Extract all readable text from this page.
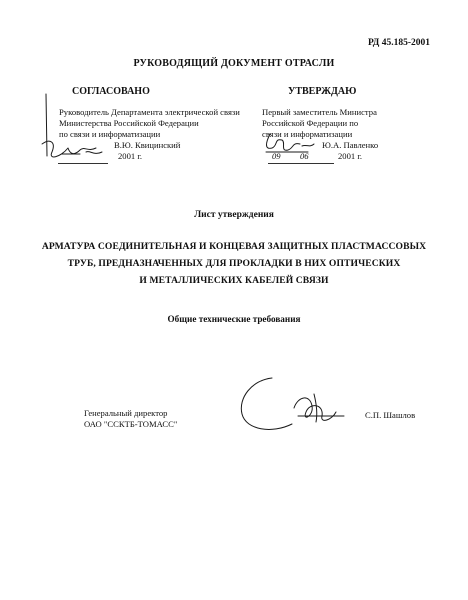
РД 45.185-2001
РУКОВОДЯЩИЙ ДОКУМЕНТ ОТРАСЛИ
СОГЛАСОВАНО
Руководитель Департамента электрической связи
Министерства Российской Федерации
по связи и информатизации
В.Ю. Квицинский
2001 г.
УТВЕРЖДАЮ
Первый заместитель Министра
Российской Федерации по
связи и информатизации
Ю.А. Павленко
09 06	2001 г.
Лист утверждения
АРМАТУРА СОЕДИНИТЕЛЬНАЯ И КОНЦЕВАЯ ЗАЩИТНЫХ ПЛАСТМАССОВЫХ
ТРУБ, ПРЕДНАЗНАЧЕННЫХ ДЛЯ ПРОКЛАДКИ В НИХ ОПТИЧЕСКИХ
И МЕТАЛЛИЧЕСКИХ КАБЕЛЕЙ СВЯЗИ
Общие технические требования
Генеральный директор
ОАО "ССКТБ-ТОМАСС"
С.П. Шашлов
